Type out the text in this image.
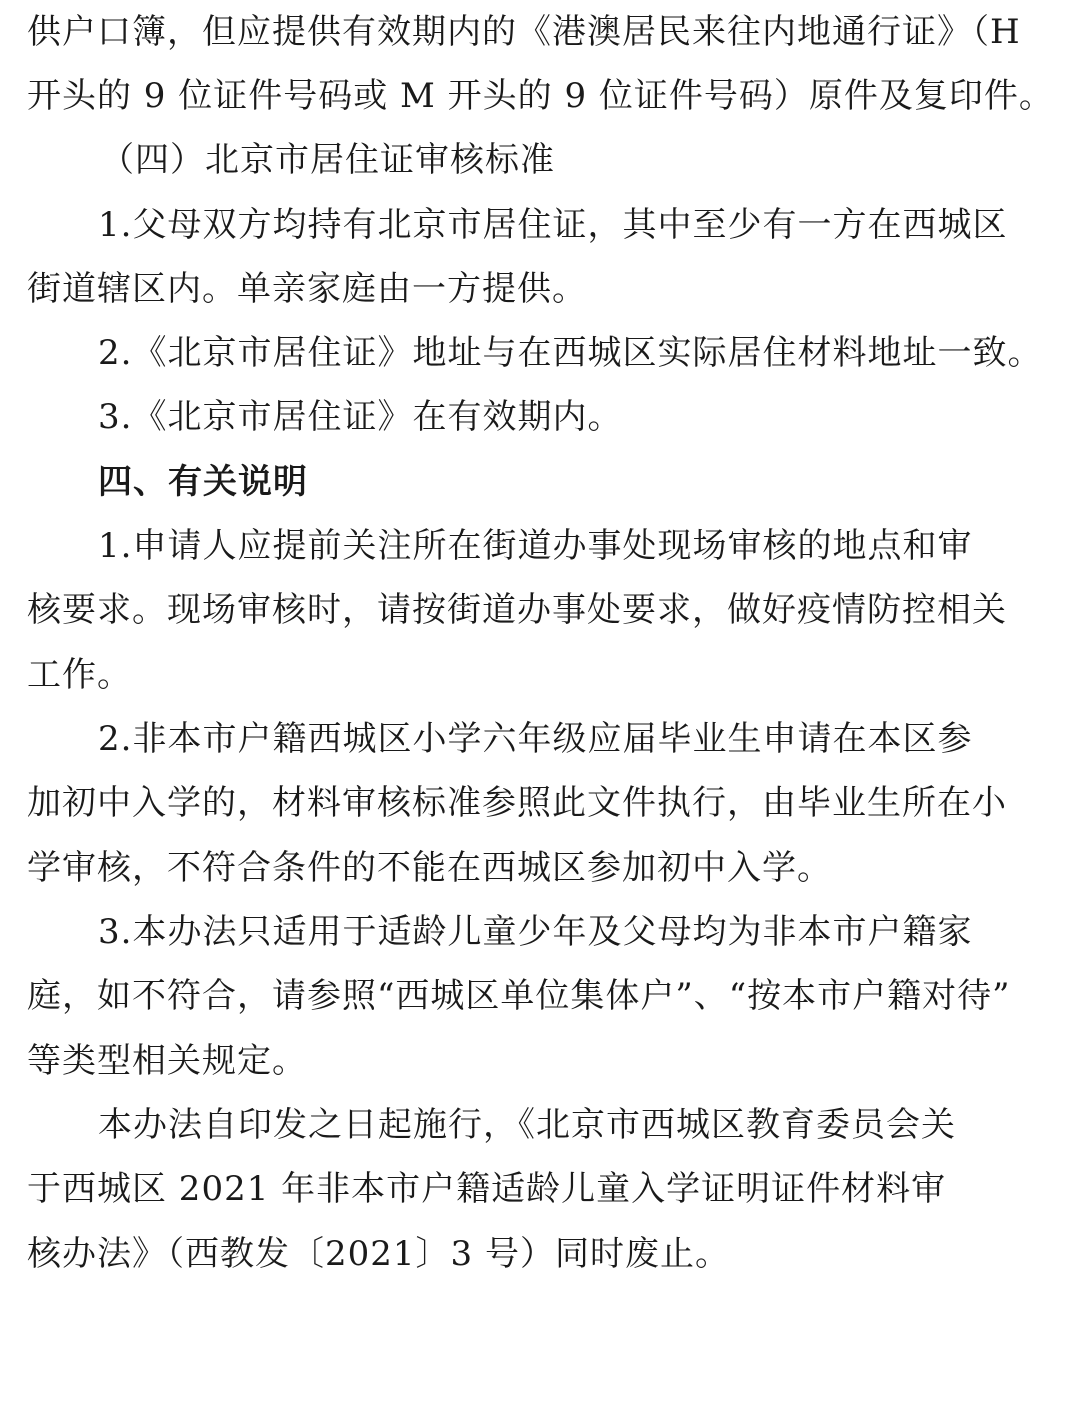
供户口簿，但应提供有效期内的《港澳居民来往内地通行证》（H
开头的 9 位证件号码或 M 开头的 9 位证件号码）原件及复印件。
（四）北京市居住证审核标准
1.父母双方均持有北京市居住证，其中至少有一方在西城区
街道辖区内。单亲家庭由一方提供。
2.《北京市居住证》地址与在西城区实际居住材料地址一致。
3.《北京市居住证》在有效期内。
四、有关说明
1.申请人应提前关注所在街道办事处现场审核的地点和审
核要求。现场审核时，请按街道办事处要求，做好疫情防控相关
工作。
2.非本市户籍西城区小学六年级应届毕业生申请在本区参
加初中入学的，材料审核标准参照此文件执行，由毕业生所在小
学审核，不符合条件的不能在西城区参加初中入学。
3.本办法只适用于适龄儿童少年及父母均为非本市户籍家
庭，如不符合，请参照“西城区单位集体户”、“按本市户籍对待”
等类型相关规定。
本办法自印发之日起施行，《北京市西城区教育委员会关
于西城区 2021 年非本市户籍适龄儿童入学证明证件材料审
核办法》（西教发〔2021〕3 号）同时废止。
